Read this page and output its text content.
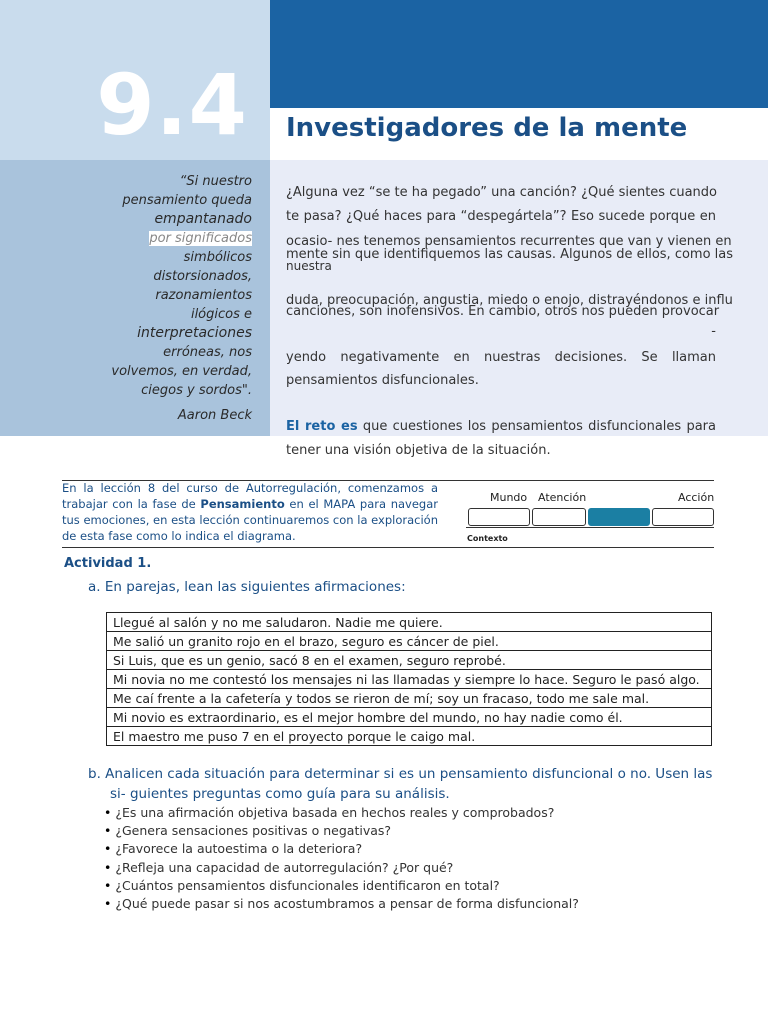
9.4	Investigadores de la mente
“Si nuestro
pensamiento queda
empantanado
por significados
simbólicos
distorsionados,
razonamientos
ilógicos e
interpretaciones
erróneas, nos
volvemos, en verdad,
ciegos y sordos".
Aaron Beck
¿Alguna vez “se te ha pegado” una canción? ¿Qué sientes cuando
te pasa? ¿Qué haces para “despegártela”? Eso sucede porque en
ocasio- nes tenemos pensamientos recurrentes que van y vienen en
mente sin que identifiquemos las causas. Algunos de ellos, como las
nuestra
duda, preocupación, angustia, miedo o enojo, distrayéndonos e influ
canciones, son inofensivos. En cambio, otros nos pueden provocar
-
yendo negativamente en nuestras decisiones. Se llaman
pensamientos disfuncionales.
El reto es que cuestiones los pensamientos disfuncionales para
tener una visión objetiva de la situación.
En la lección 8 del curso de Autorregulación, comenzamos a trabajar con la fase de Pensamiento en el MAPA para navegar tus emociones, en esta lección continuaremos con la exploración de esta fase como lo indica el diagrama.
Mundo Atención	Acción
Contexto
Actividad 1.
a. En parejas, lean las siguientes afirmaciones:
Llegué al salón y no me saludaron. Nadie me quiere.
Me salió un granito rojo en el brazo, seguro es cáncer de piel.
Si Luis, que es un genio, sacó 8 en el examen, seguro reprobé.
Mi novia no me contestó los mensajes ni las llamadas y siempre lo hace. Seguro le pasó algo.
Me caí frente a la cafetería y todos se rieron de mí; soy un fracaso, todo me sale mal.
Mi novio es extraordinario, es el mejor hombre del mundo, no hay nadie como él.
El maestro me puso 7 en el proyecto porque le caigo mal.
b. Analicen cada situación para determinar si es un pensamiento disfuncional o no. Usen las
si- guientes preguntas como guía para su análisis.
• ¿Es una afirmación objetiva basada en hechos reales y comprobados?
• ¿Genera sensaciones positivas o negativas?
• ¿Favorece la autoestima o la deteriora?
• ¿Refleja una capacidad de autorregulación? ¿Por qué?
• ¿Cuántos pensamientos disfuncionales identificaron en total?
• ¿Qué puede pasar si nos acostumbramos a pensar de forma disfuncional?
